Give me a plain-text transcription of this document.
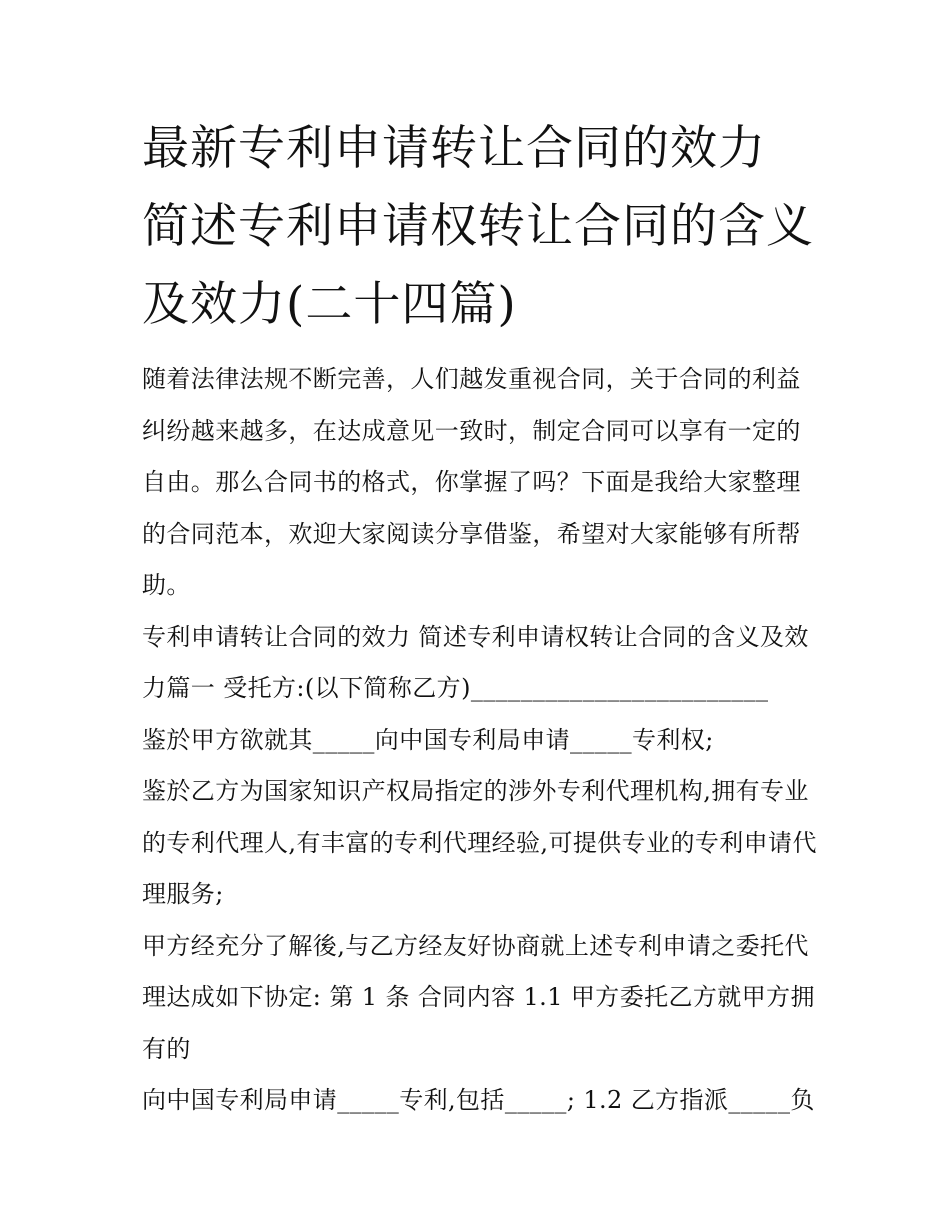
最新专利申请转让合同的效力 简述专利申请权转让合同的含义及效力(二十四篇)

随着法律法规不断完善，人们越发重视合同，关于合同的利益纠纷越来越多，在达成意见一致时，制定合同可以享有一定的自由。那么合同书的格式，你掌握了吗？下面是我给大家整理的合同范本，欢迎大家阅读分享借鉴，希望对大家能够有所帮助。

专利申请转让合同的效力 简述专利申请权转让合同的含义及效力篇一 受托方:(以下简称乙方)________________________

鉴於甲方欲就其_____向中国专利局申请_____专利权;

鉴於乙方为国家知识产权局指定的涉外专利代理机构,拥有专业的专利代理人,有丰富的专利代理经验,可提供专业的专利申请代理服务;

甲方经充分了解後,与乙方经友好协商就上述专利申请之委托代理达成如下协定: 第 1 条 合同内容 1.1 甲方委托乙方就甲方拥有的

向中国专利局申请_____专利,包括_____; 1.2 乙方指派_____负
